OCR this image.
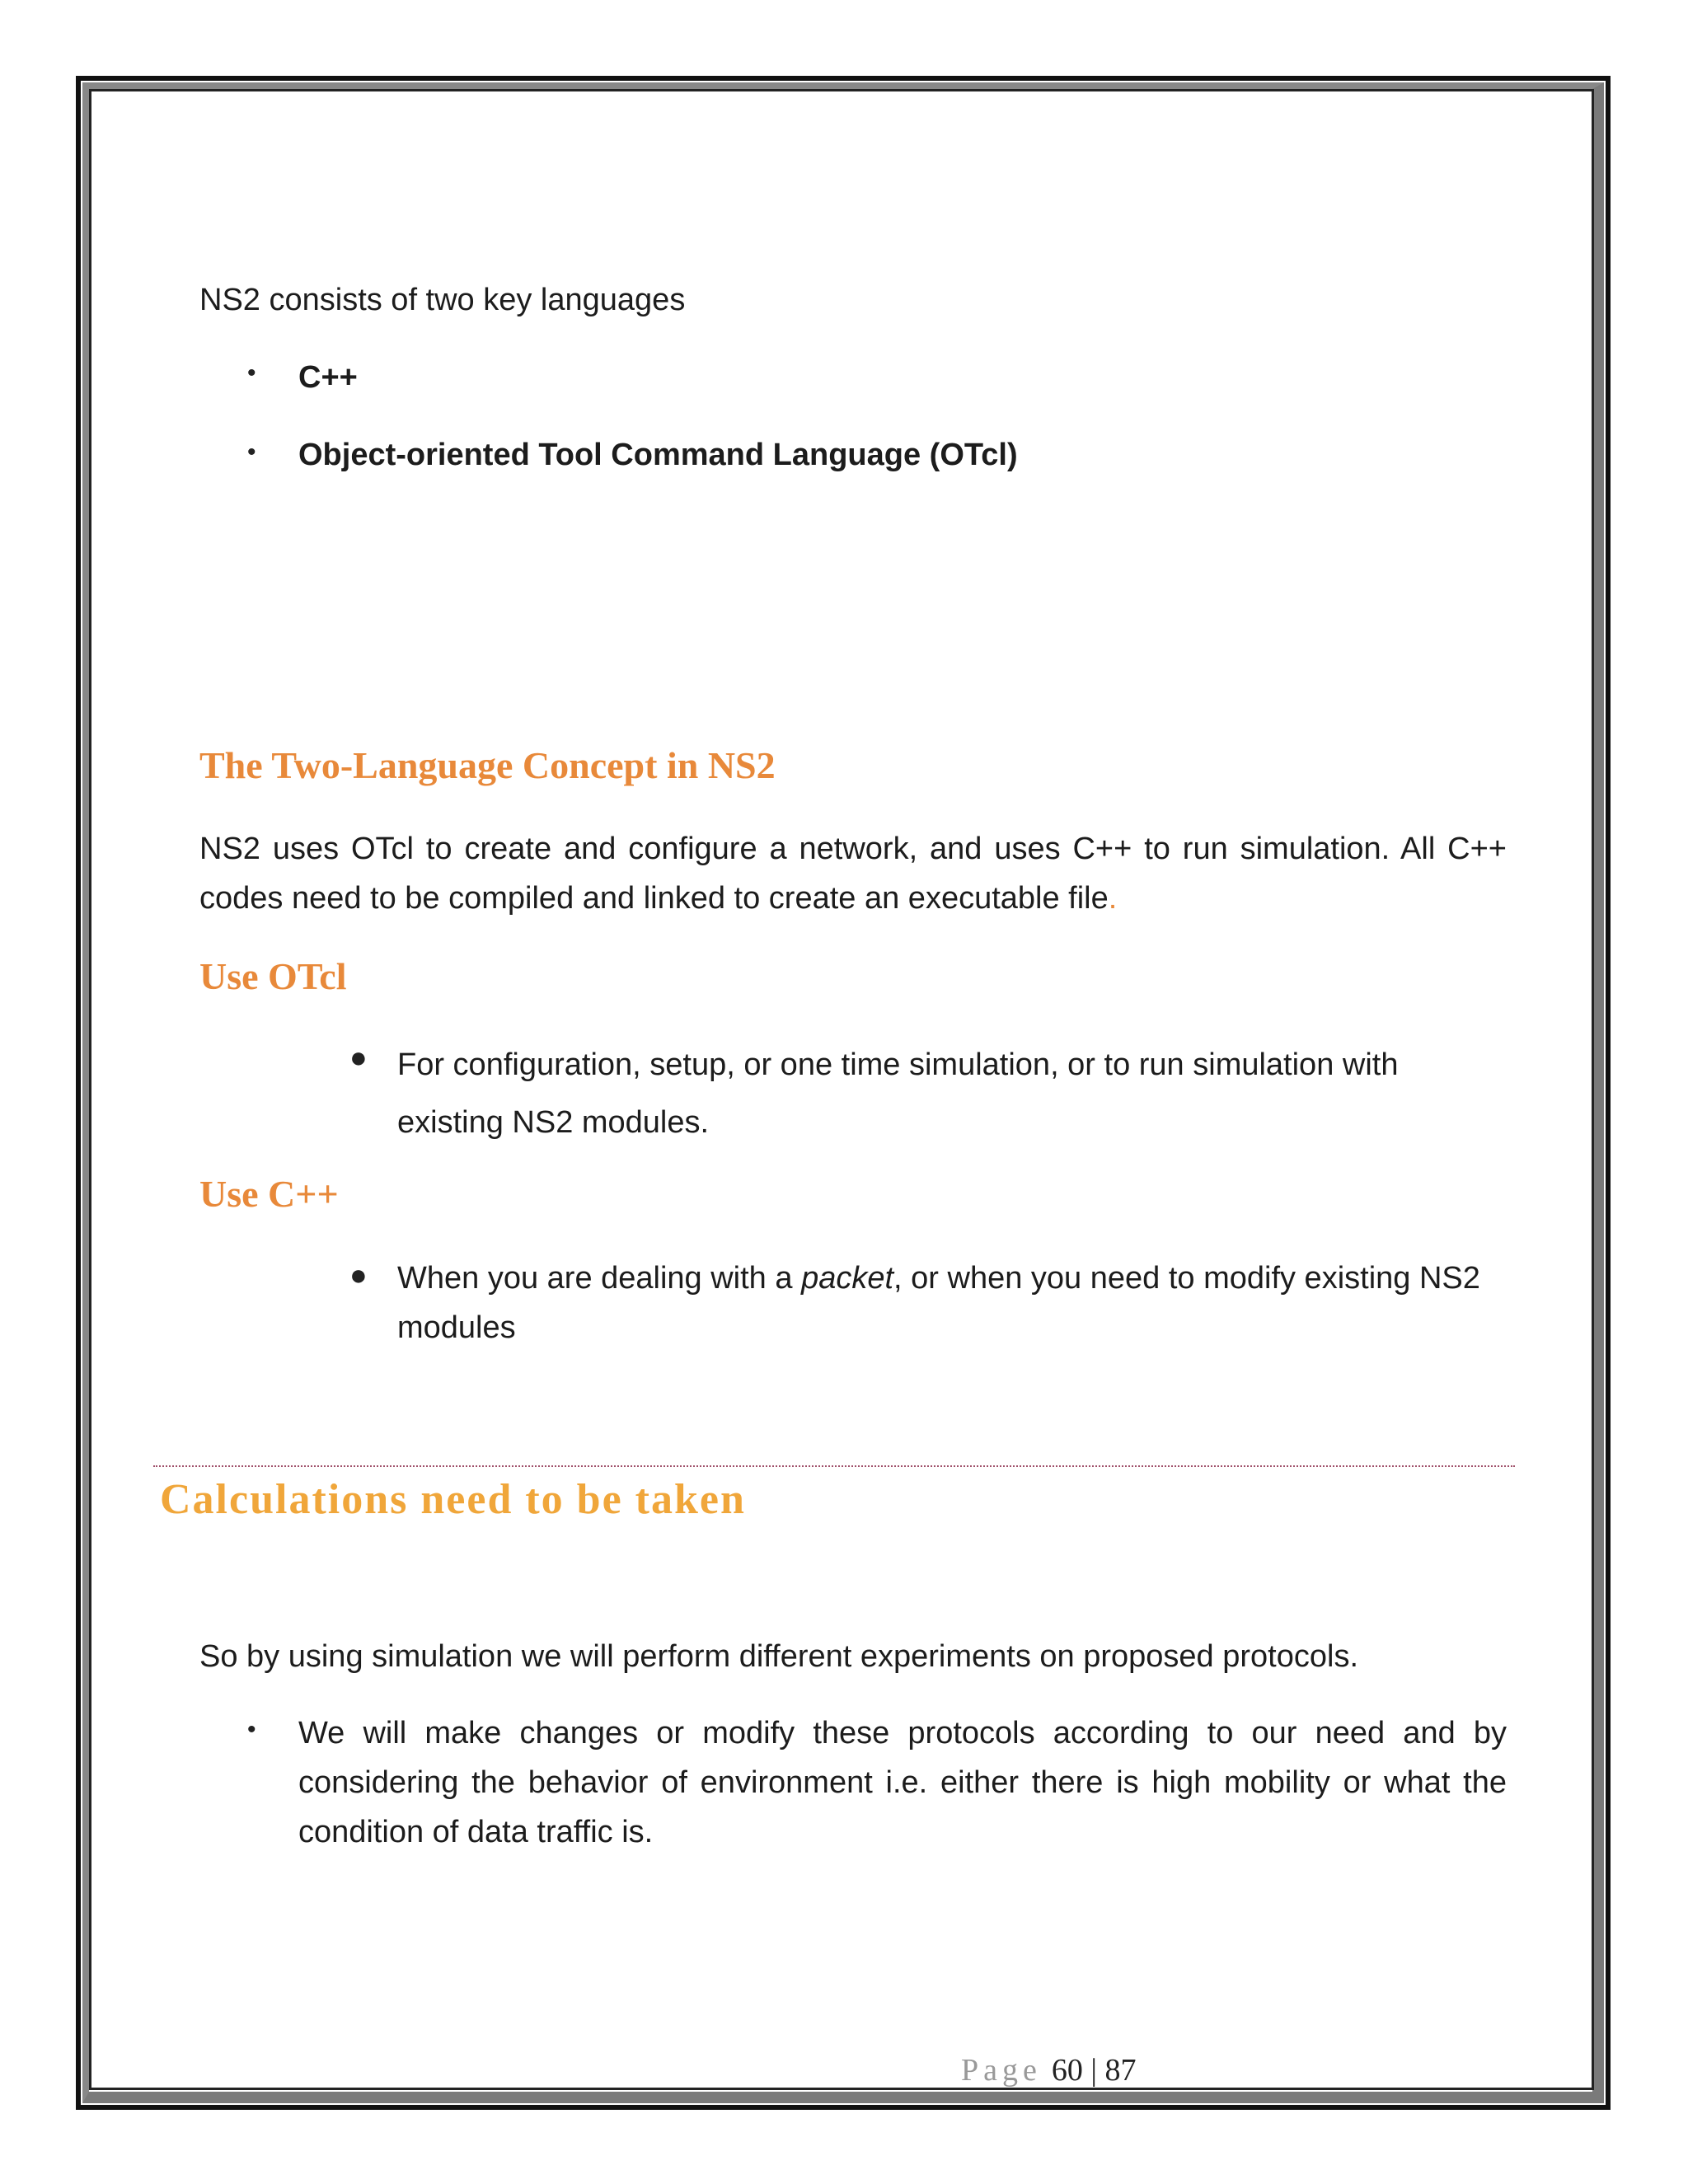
NS2 consists of two key languages
• C++
• Object-oriented Tool Command Language (OTcl)
The Two-Language Concept in NS2
NS2 uses OTcl to create and configure a network, and uses C++ to run simulation. All C++ codes need to be compiled and linked to create an executable file.
Use OTcl
● For configuration, setup, or one time simulation, or to run simulation with existing NS2 modules.
Use C++
● When you are dealing with a packet, or when you need to modify existing NS2 modules
Calculations need to be taken
So by using simulation we will perform different experiments on proposed protocols.
• We will make changes or modify these protocols according to our need and by considering the behavior of environment i.e. either there is high mobility or what the condition of data traffic is.
Page 60 | 87
